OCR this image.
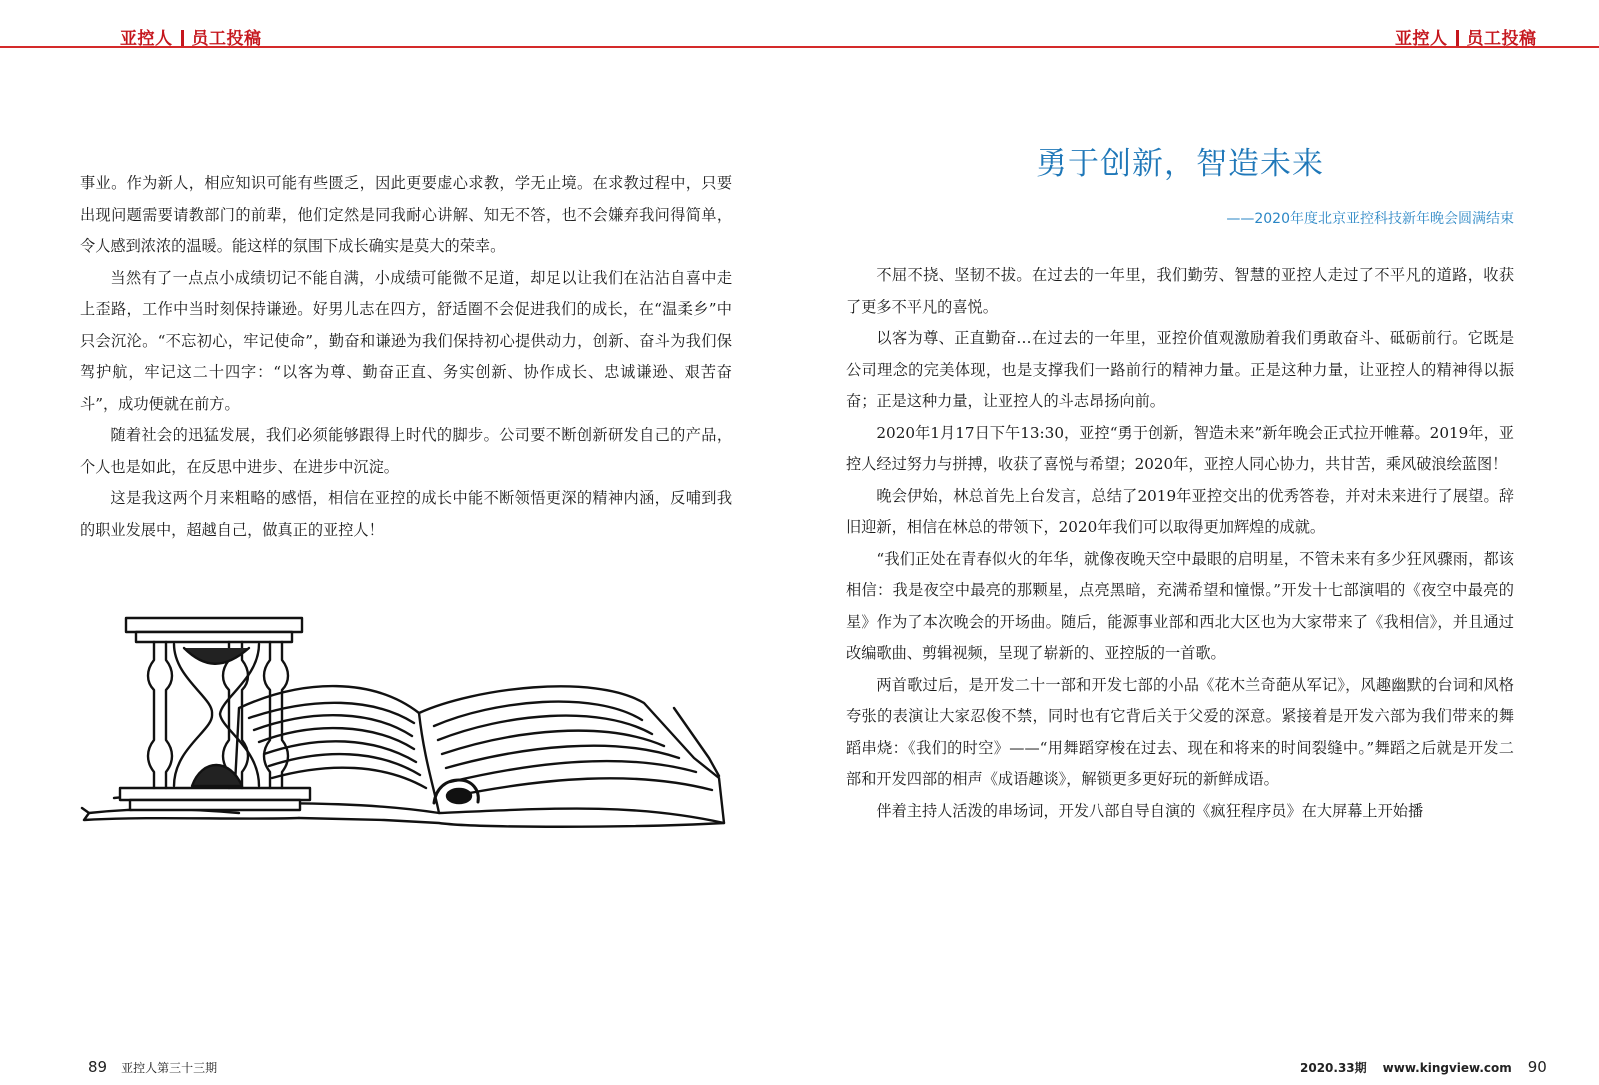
亚控人 员工投稿	亚控人 员工投稿

事业。作为新人，相应知识可能有些匮乏，因此更要虚心求教，学无止境。在求教过程中，只要出现问题需要请教部门的前辈，他们定然是同我耐心讲解、知无不答，也不会嫌弃我问得简单，令人感到浓浓的温暖。能这样的氛围下成长确实是莫大的荣幸。

当然有了一点点小成绩切记不能自满，小成绩可能微不足道，却足以让我们在沾沾自喜中走上歪路，工作中当时刻保持谦逊。好男儿志在四方，舒适圈不会促进我们的成长，在“温柔乡”中只会沉沦。“不忘初心，牢记使命”，勤奋和谦逊为我们保持初心提供动力，创新、奋斗为我们保驾护航，牢记这二十四字：“以客为尊、勤奋正直、务实创新、协作成长、忠诚谦逊、艰苦奋斗”，成功便就在前方。

随着社会的迅猛发展，我们必须能够跟得上时代的脚步。公司要不断创新研发自己的产品，个人也是如此，在反思中进步、在进步中沉淀。

这是我这两个月来粗略的感悟，相信在亚控的成长中能不断领悟更深的精神内涵，反哺到我的职业发展中，超越自己，做真正的亚控人！

勇于创新，智造未来
——2020年度北京亚控科技新年晚会圆满结束

不屈不挠、坚韧不拔。在过去的一年里，我们勤劳、智慧的亚控人走过了不平凡的道路，收获了更多不平凡的喜悦。

以客为尊、正直勤奋…在过去的一年里，亚控价值观激励着我们勇敢奋斗、砥砺前行。它既是公司理念的完美体现，也是支撑我们一路前行的精神力量。正是这种力量，让亚控人的精神得以振奋；正是这种力量，让亚控人的斗志昂扬向前。

2020年1月17日下午13:30，亚控“勇于创新，智造未来”新年晚会正式拉开帷幕。2019年，亚控人经过努力与拼搏，收获了喜悦与希望；2020年，亚控人同心协力，共甘苦，乘风破浪绘蓝图！

晚会伊始，林总首先上台发言，总结了2019年亚控交出的优秀答卷，并对未来进行了展望。辞旧迎新，相信在林总的带领下，2020年我们可以取得更加辉煌的成就。

“我们正处在青春似火的年华，就像夜晚天空中最眼的启明星，不管未来有多少狂风骤雨，都该相信：我是夜空中最亮的那颗星，点亮黑暗，充满希望和憧憬。”开发十七部演唱的《夜空中最亮的星》作为了本次晚会的开场曲。随后，能源事业部和西北大区也为大家带来了《我相信》，并且通过改编歌曲、剪辑视频，呈现了崭新的、亚控版的一首歌。

两首歌过后，是开发二十一部和开发七部的小品《花木兰奇葩从军记》，风趣幽默的台词和风格夸张的表演让大家忍俊不禁，同时也有它背后关于父爱的深意。紧接着是开发六部为我们带来的舞蹈串烧：《我们的时空》——“用舞蹈穿梭在过去、现在和将来的时间裂缝中。”舞蹈之后就是开发二部和开发四部的相声《成语趣谈》，解锁更多更好玩的新鲜成语。

伴着主持人活泼的串场词，开发八部自导自演的《疯狂程序员》在大屏幕上开始播

89 亚控人第三十三期	2020.33期 www.kingview.com 90
